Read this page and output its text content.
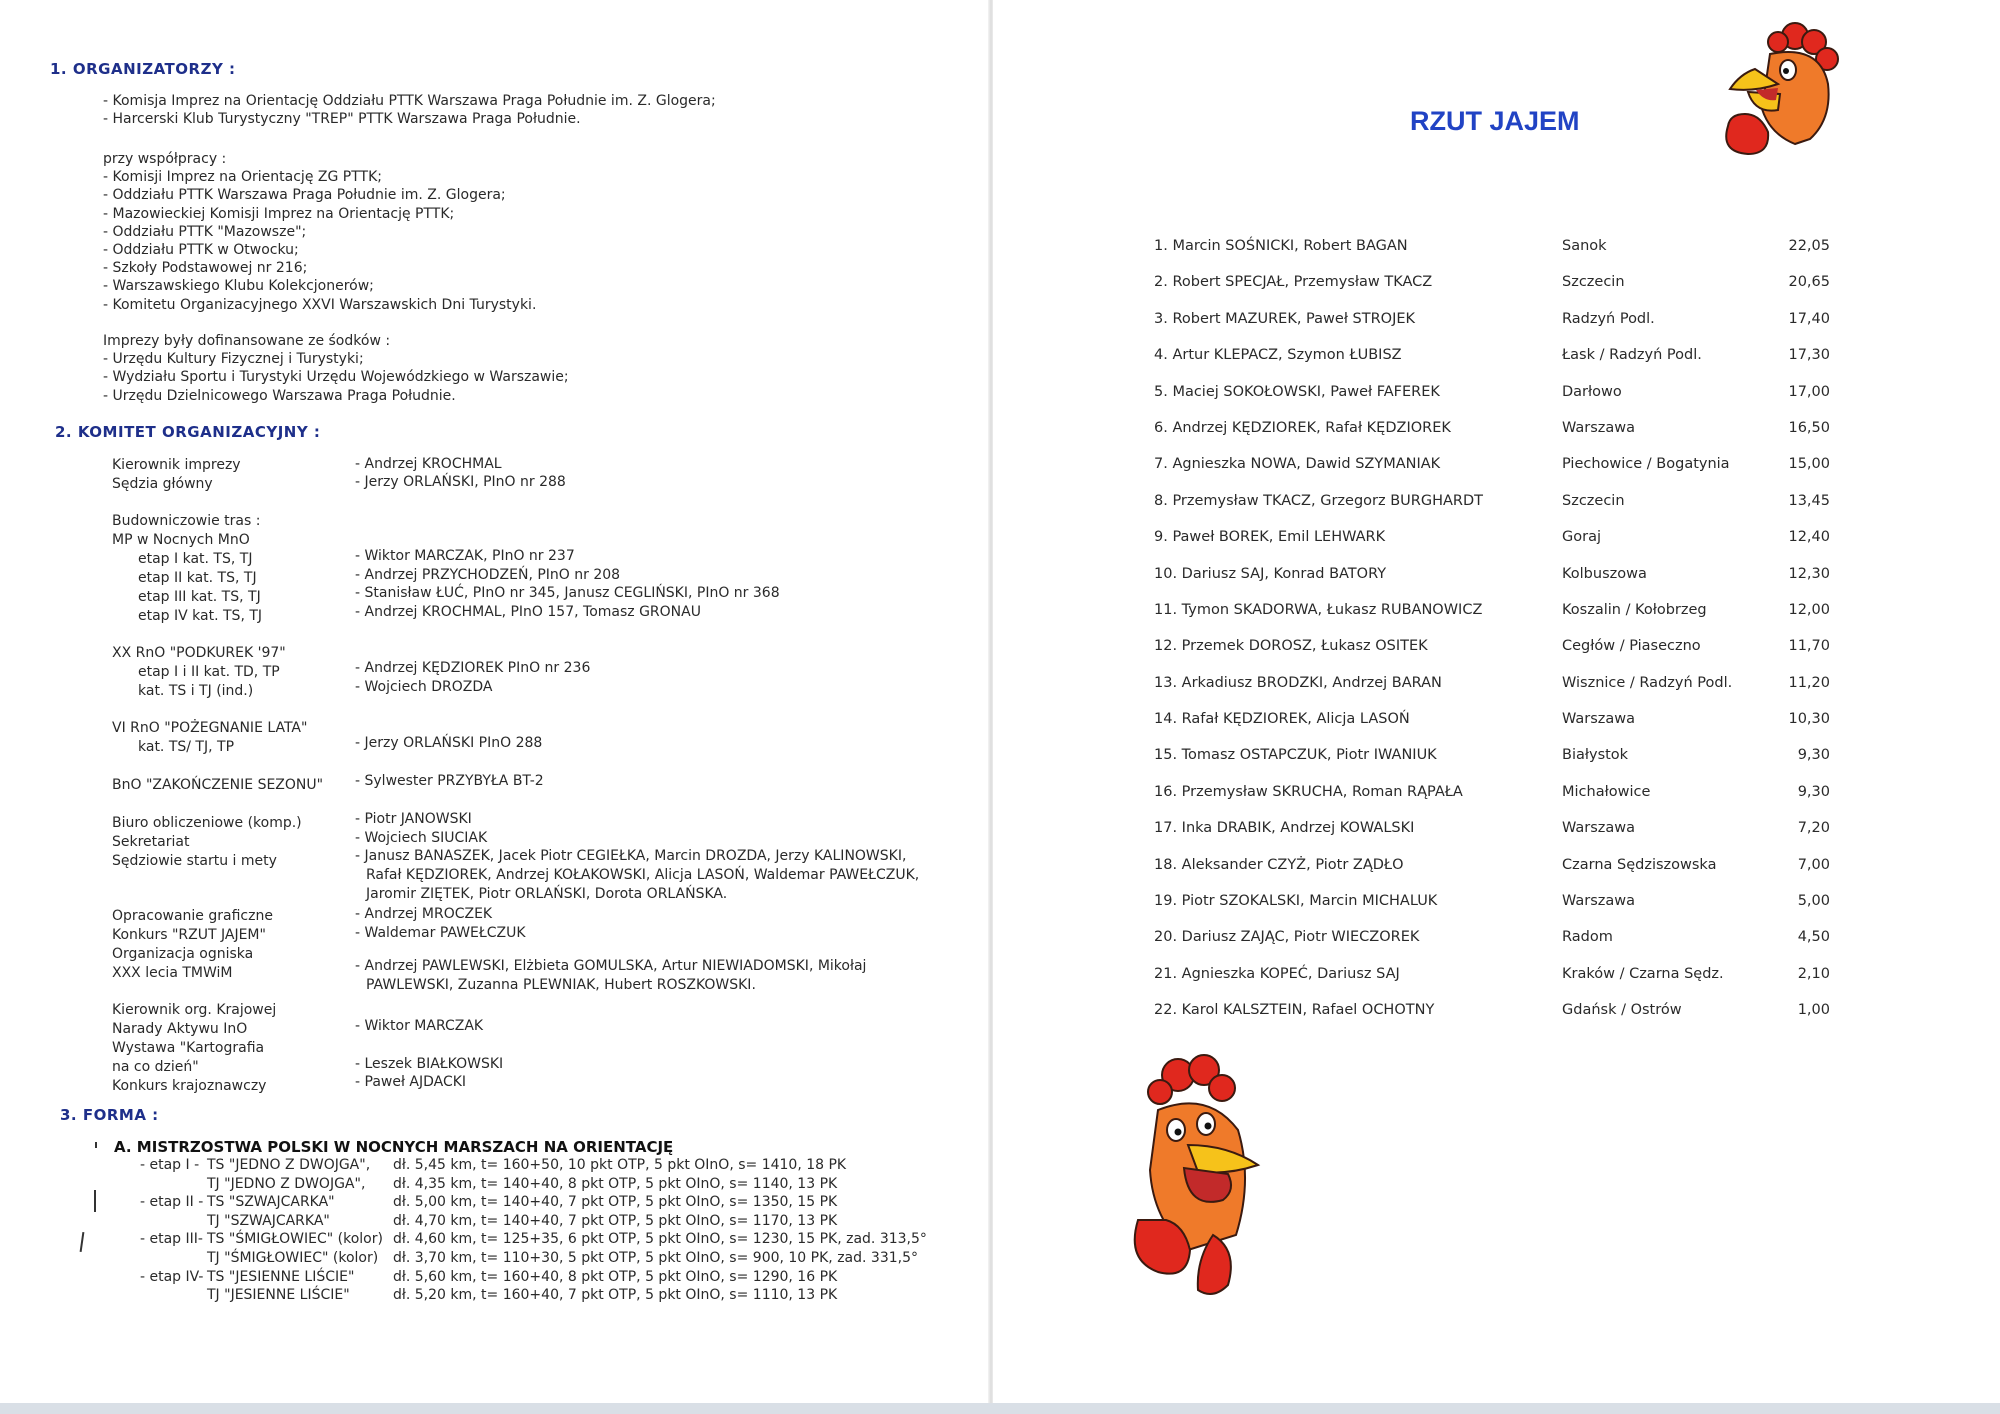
1. ORGANIZATORZY :
- Komisja Imprez na Orientację Oddziału PTTK Warszawa Praga Południe im. Z. Glogera;
- Harcerski Klub Turystyczny "TREP" PTTK Warszawa Praga Południe.
przy współpracy :
- Komisji Imprez na Orientację ZG PTTK;
- Oddziału PTTK Warszawa Praga Południe im. Z. Glogera;
- Mazowieckiej Komisji Imprez na Orientację PTTK;
- Oddziału PTTK "Mazowsze";
- Oddziału PTTK w Otwocku;
- Szkoły Podstawowej nr 216;
- Warszawskiego Klubu Kolekcjonerów;
- Komitetu Organizacyjnego XXVI Warszawskich Dni Turystyki.
Imprezy były dofinansowane ze śodków :
- Urzędu Kultury Fizycznej i Turystyki;
- Wydziału Sportu i Turystyki Urzędu Wojewódzkiego w Warszawie;
- Urzędu Dzielnicowego Warszawa Praga Południe.
2. KOMITET ORGANIZACYJNY :
Kierownik imprezy	- Andrzej KROCHMAL
Sędzia główny	- Jerzy ORLAŃSKI, PInO nr 288
Budowniczowie tras :
MP w Nocnych MnO
etap I kat. TS, TJ	- Wiktor MARCZAK, PInO nr 237
etap II kat. TS, TJ	- Andrzej PRZYCHODZEŃ, PInO nr 208
etap III kat. TS, TJ	- Stanisław ŁUĆ, PInO nr 345, Janusz CEGLIŃSKI, PInO nr 368
etap IV kat. TS, TJ	- Andrzej KROCHMAL, PInO 157, Tomasz GRONAU
XX RnO "PODKUREK '97"
etap I i II kat. TD, TP	- Andrzej KĘDZIOREK PInO nr 236
kat. TS i TJ (ind.)	- Wojciech DROZDA
VI RnO "POŻEGNANIE LATA"
kat. TS/ TJ, TP	- Jerzy ORLAŃSKI PInO 288
BnO "ZAKOŃCZENIE SEZONU" - Sylwester PRZYBYŁA BT-2
Biuro obliczeniowe (komp.)	- Piotr JANOWSKI
Sekretariat	- Wojciech SIUCIAK
Sędziowie startu i mety	- Janusz BANASZEK, Jacek Piotr CEGIEŁKA, Marcin DROZDA, Jerzy KALINOWSKI,
Rafał KĘDZIOREK, Andrzej KOŁAKOWSKI, Alicja LASOŃ, Waldemar PAWEŁCZUK,
Jaromir ZIĘTEK, Piotr ORLAŃSKI, Dorota ORLAŃSKA.
Opracowanie graficzne	- Andrzej MROCZEK
Konkurs "RZUT JAJEM"	- Waldemar PAWEŁCZUK
Organizacja ogniska
XXX lecia TMWiM	- Andrzej PAWLEWSKI, Elżbieta GOMULSKA, Artur NIEWIADOMSKI, Mikołaj
PAWLEWSKI, Zuzanna PLEWNIAK, Hubert ROSZKOWSKI.
Kierownik org. Krajowej
Narady Aktywu InO	- Wiktor MARCZAK
Wystawa "Kartografia
na co dzień"	- Leszek BIAŁKOWSKI
Konkurs krajoznawczy	- Paweł AJDACKI
3. FORMA :
A. MISTRZOSTWA POLSKI W NOCNYCH MARSZACH NA ORIENTACJĘ
- etap I - TS "JEDNO Z DWOJGA", dł. 5,45 km, t= 160+50, 10 pkt OTP, 5 pkt OInO, s= 1410, 18 PK
TJ "JEDNO Z DWOJGA", dł. 4,35 km, t= 140+40, 8 pkt OTP, 5 pkt OInO, s= 1140, 13 PK
- etap II - TS "SZWAJCARKA"	dł. 5,00 km, t= 140+40, 7 pkt OTP, 5 pkt OInO, s= 1350, 15 PK
TJ "SZWAJCARKA"	dł. 4,70 km, t= 140+40, 7 pkt OTP, 5 pkt OInO, s= 1170, 13 PK
- etap III- TS "ŚMIGŁOWIEC" (kolor) dł. 4,60 km, t= 125+35, 6 pkt OTP, 5 pkt OInO, s= 1230, 15 PK, zad. 313,5°
TJ "ŚMIGŁOWIEC" (kolor) dł. 3,70 km, t= 110+30, 5 pkt OTP, 5 pkt OInO, s= 900, 10 PK, zad. 331,5°
- etap IV- TS "JESIENNE LIŚCIE"	dł. 5,60 km, t= 160+40, 8 pkt OTP, 5 pkt OInO, s= 1290, 16 PK
TJ "JESIENNE LIŚCIE"	dł. 5,20 km, t= 160+40, 7 pkt OTP, 5 pkt OInO, s= 1110, 13 PK
RZUT JAJEM
1. Marcin SOŚNICKI, Robert BAGAN	Sanok	22,05
2. Robert SPECJAŁ, Przemysław TKACZ	Szczecin	20,65
3. Robert MAZUREK, Paweł STROJEK	Radzyń Podl.	17,40
4. Artur KLEPACZ, Szymon ŁUBISZ	Łask / Radzyń Podl.	17,30
5. Maciej SOKOŁOWSKI, Paweł FAFEREK	Darłowo	17,00
6. Andrzej KĘDZIOREK, Rafał KĘDZIOREK	Warszawa	16,50
7. Agnieszka NOWA, Dawid SZYMANIAK	Piechowice / Bogatynia	15,00
8. Przemysław TKACZ, Grzegorz BURGHARDT	Szczecin	13,45
9. Paweł BOREK, Emil LEHWARK	Goraj	12,40
10. Dariusz SAJ, Konrad BATORY	Kolbuszowa	12,30
11. Tymon SKADORWA, Łukasz RUBANOWICZ	Koszalin / Kołobrzeg	12,00
12. Przemek DOROSZ, Łukasz OSITEK	Cegłów / Piaseczno	11,70
13. Arkadiusz BRODZKI, Andrzej BARAN	Wisznice / Radzyń Podl.	11,20
14. Rafał KĘDZIOREK, Alicja LASOŃ	Warszawa	10,30
15. Tomasz OSTAPCZUK, Piotr IWANIUK	Białystok	9,30
16. Przemysław SKRUCHA, Roman RĄPAŁA	Michałowice	9,30
17. Inka DRABIK, Andrzej KOWALSKI	Warszawa	7,20
18. Aleksander CZYŻ, Piotr ZĄDŁO	Czarna Sędziszowska	7,00
19. Piotr SZOKALSKI, Marcin MICHALUK	Warszawa	5,00
20. Dariusz ZAJĄC, Piotr WIECZOREK	Radom	4,50
21. Agnieszka KOPEĆ, Dariusz SAJ	Kraków / Czarna Sędz.	2,10
22. Karol KALSZTEIN, Rafael OCHOTNY	Gdańsk / Ostrów	1,00
